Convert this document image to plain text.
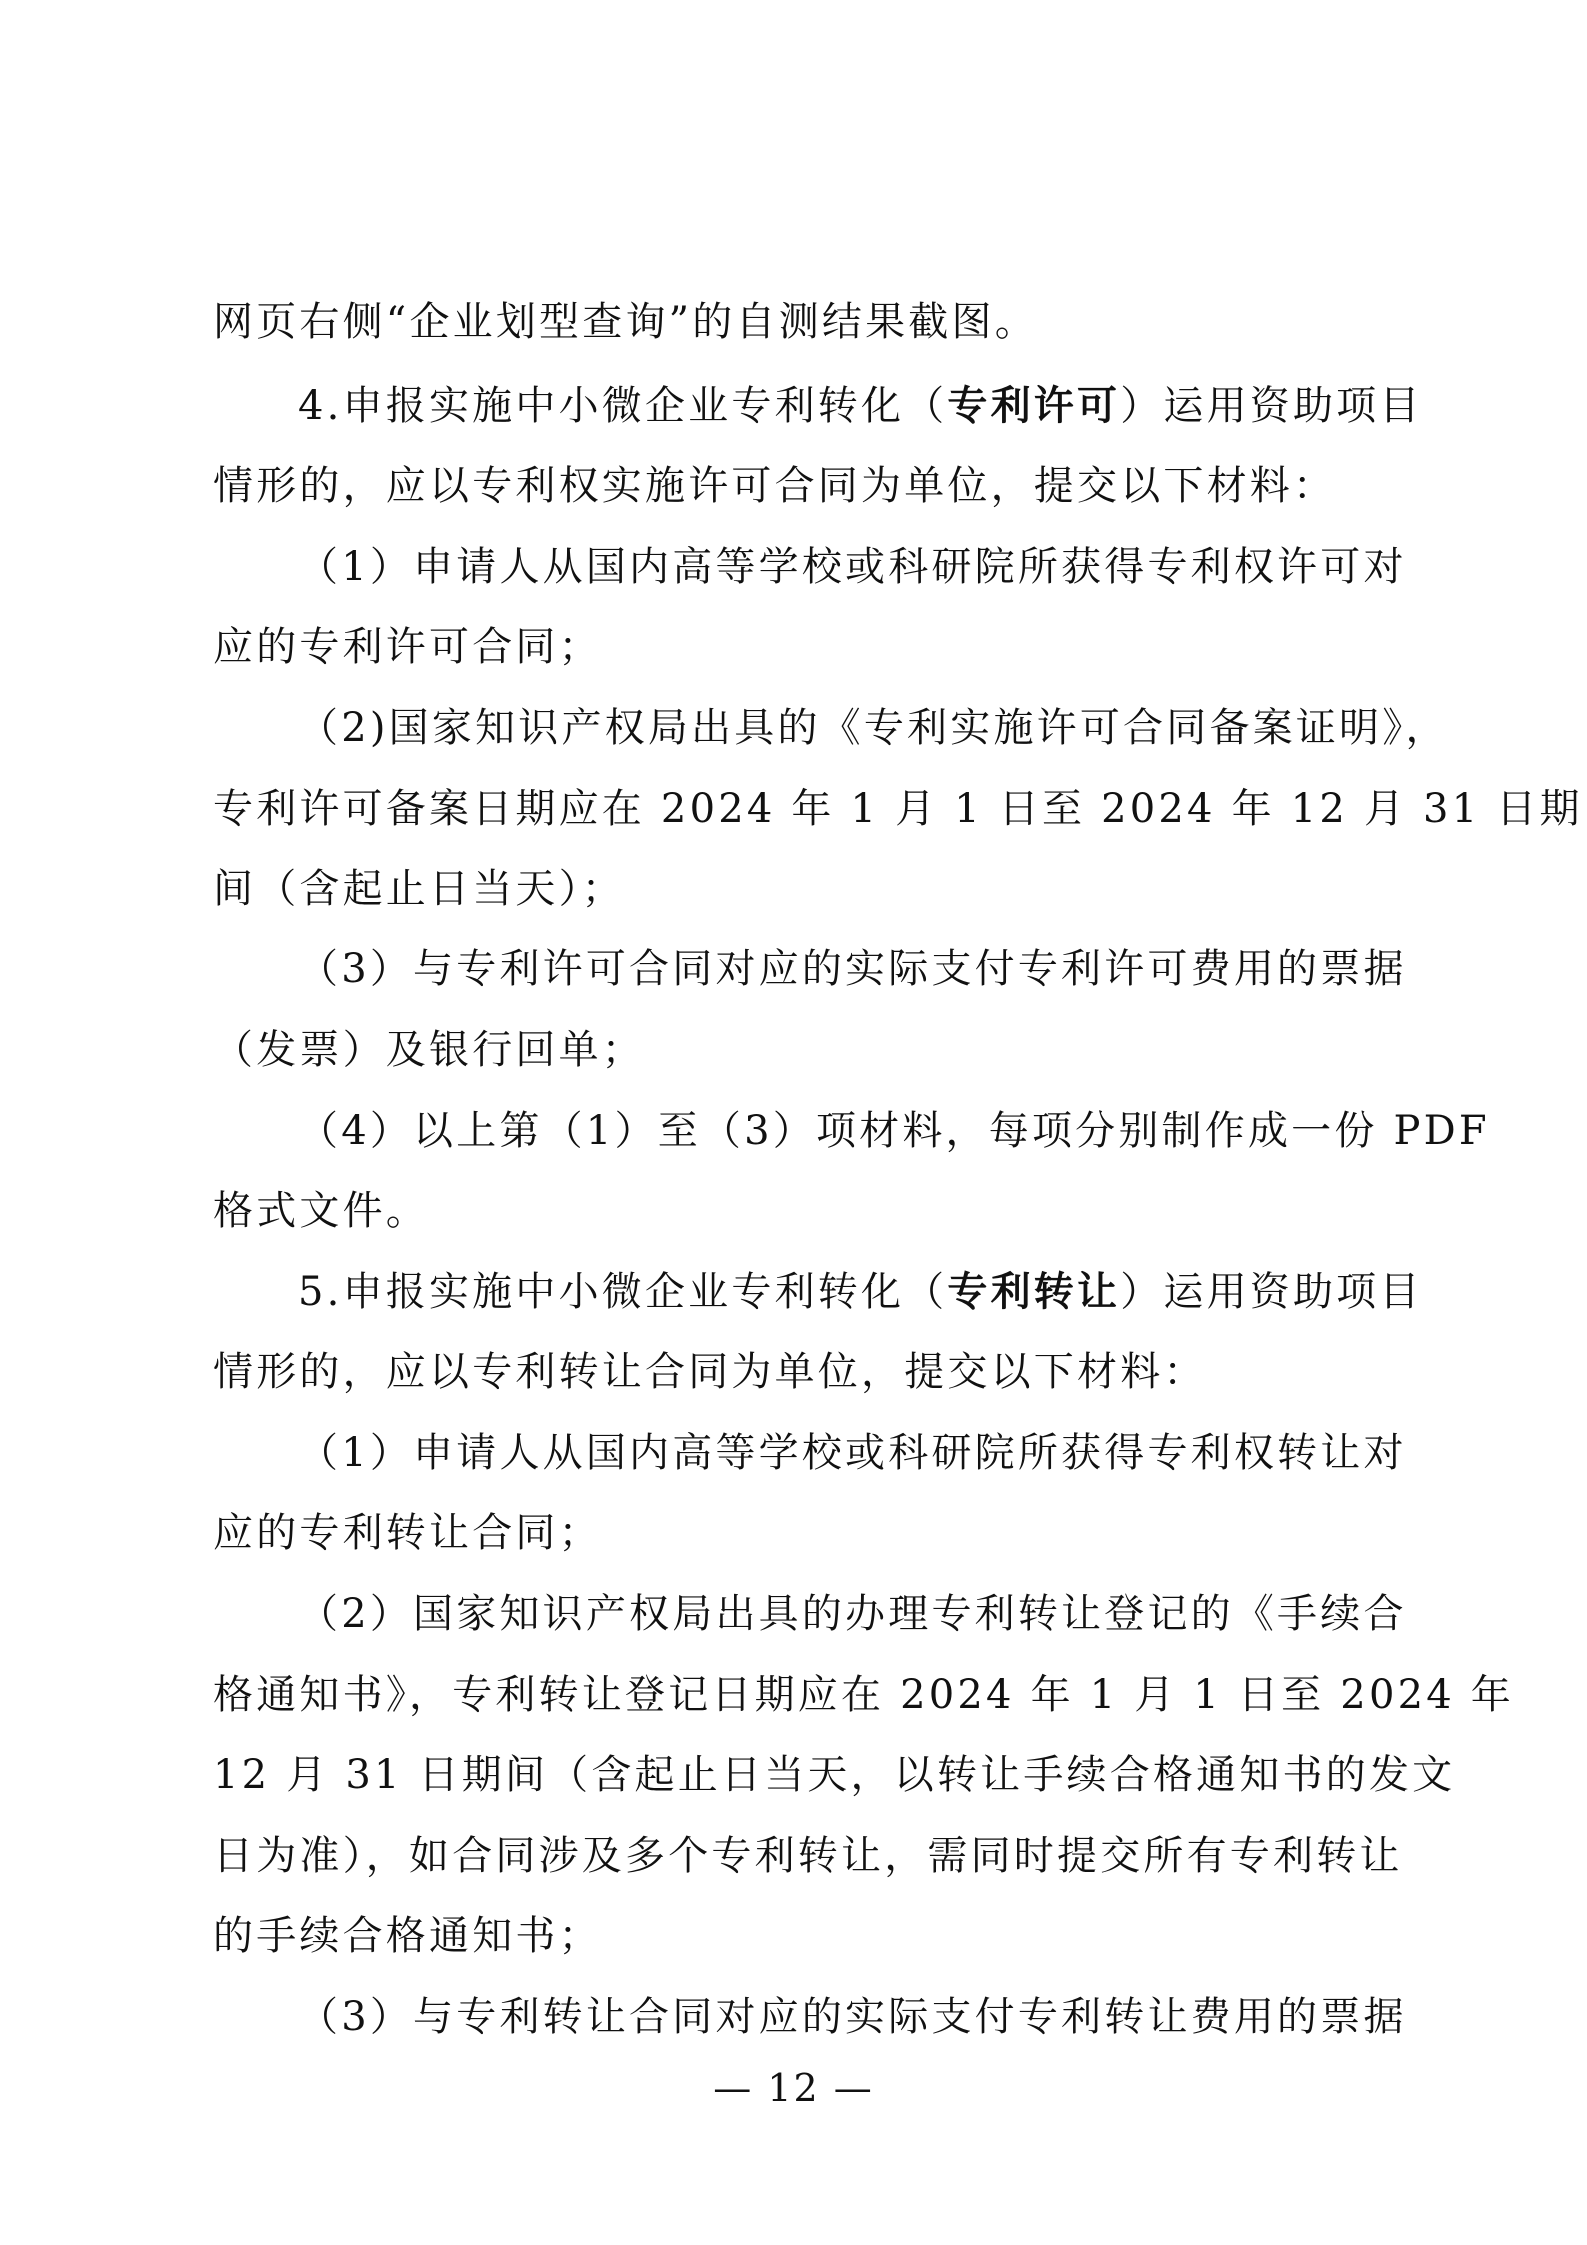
网页右侧“企业划型查询”的自测结果截图。
4.申报实施中小微企业专利转化（专利许可）运用资助项目
情形的，应以专利权实施许可合同为单位，提交以下材料：
（1）申请人从国内高等学校或科研院所获得专利权许可对
应的专利许可合同；
（2)国家知识产权局出具的《专利实施许可合同备案证明》，
专利许可备案日期应在 2024 年 1 月 1 日至 2024 年 12 月 31 日期
间（含起止日当天）；
（3）与专利许可合同对应的实际支付专利许可费用的票据
（发票）及银行回单；
（4）以上第（1）至（3）项材料，每项分别制作成一份 PDF
格式文件。
5.申报实施中小微企业专利转化（专利转让）运用资助项目
情形的，应以专利转让合同为单位，提交以下材料：
（1）申请人从国内高等学校或科研院所获得专利权转让对
应的专利转让合同；
（2）国家知识产权局出具的办理专利转让登记的《手续合
格通知书》，专利转让登记日期应在 2024 年 1 月 1 日至 2024 年
12 月 31 日期间（含起止日当天，以转让手续合格通知书的发文
日为准），如合同涉及多个专利转让，需同时提交所有专利转让
的手续合格通知书；
（3）与专利转让合同对应的实际支付专利转让费用的票据
— 12 —
